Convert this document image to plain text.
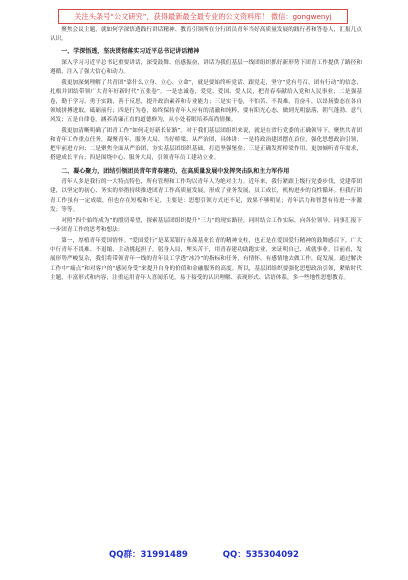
关注头条号“公文研究”，获得最新最全最专业的公文资料库！ 微信：gongwenyj

聚焦会议主题，就如何学深悟透践行讲话精神、教育引领所在分行团员青年当好高质量发展的践行者和答卷人，汇报几点认识。

一、学深悟透，坚决贯彻落实习近平总书记讲话精神

深入学习习近平总书记重要讲话，深受鼓舞、倍感振奋，讲话为我们基层一线团组织抓好新形势下团青工作提供了路径和遵循，注入了强大信心和动力。

我更加深刻理解了共青团“靠什么立身、立心、立命”，就是要始终听党话、跟党走，坚守“党有号召、团有行动”的信念，扎根并团结带领广大青年好新时代“五张卷”。一是忠诚卷，爱党、爱国、爱人民，把青春奉献给入党和人民事业；二是强基卷，勤于学习、勇于实践，善于反思，提升政治素养和专业能力；三是实干卷，不怕苦、不畏难，肯奋斗，以昂扬姿态在各自领域拼搏进取，砥砺前行；四是行为卷，始终保持青年人应有的清澈和纯粹，要有阳光心态，做到光明磊落，朝气蓬勃、意气风发；五是自律卷，涵养清廉正直的道德修为，从小处着眼培养高尚情操。

我更加清晰明确了团青工作“如何走好新长征路”。对于我们基层团组织来说，就是在省行党委的正确领导下，聚焦共青团和青年工作重点任务，凝聚青年、服务大局、当好桥梁、从严治团，具体讲：一是将政治建团摆在首位，强化思想政治引领，把牢前进方向；二是聚焦全面从严治团，夯实基层团组织基础，打造坚强堡垒；三是正确发挥桥梁作用，更加倾听青年需求，搭建成长平台；四是围绕中心、服务大局，引领青年员工建功立业。

二、凝心聚力，团结引领团员青年青春建功，在高质量发展中发挥突击队和主力军作用

青年人多是我行的一大特点特色，所有管理和工作均以青年人为绝对主力。近年来，我行紧跟上级行党委步伐，党建带团建，以坚定的初心、务实的举措持续推进团青工作高质量发展，形成了业务发展，员工成长，机构进步的良性循环。但我行团青工作虽有一定成绩，但也存在短板和不足，主要是：思想引领方式还不足，效果不够明显；青年活力和智慧有待进一步激发；等等。

对照“四个始终成为”的殷切希望，探索基层团组织提升“三力”的现实路径，同时结合工作实际，向各位领导、同事汇报下一步团青工作的思考和想法：

第一，厚植青年爱国情怀。“爱国爱行”是某某银行永葆基业长青的精神支柱，也正是在爱国爱行精神的鼓舞感召下，广大中行青年不畏难、不退缩，主动挑起担子，躬身入局，埋头苦干，用青春建功助跑实业，来证明自己、成就事业。目前看，发展形势严峻复杂，我们将带领青年一线的青年员工学透“冰冷”的指标和任务，有情怀、有感情地去做工作，促发展。通过解决工作中“痛点”和对客户的“感同身受”来提升自身的价值和金融服务的高度。所以，基层团组织要强化思想政治引领，紧贴时代主题，丰富形式和内容，注重运用青年人喜闻乐见，易于接受的认识理解、表现形式、话语体系，多一些地性思想教育。

QQ群：31991489	QQ：535304092
